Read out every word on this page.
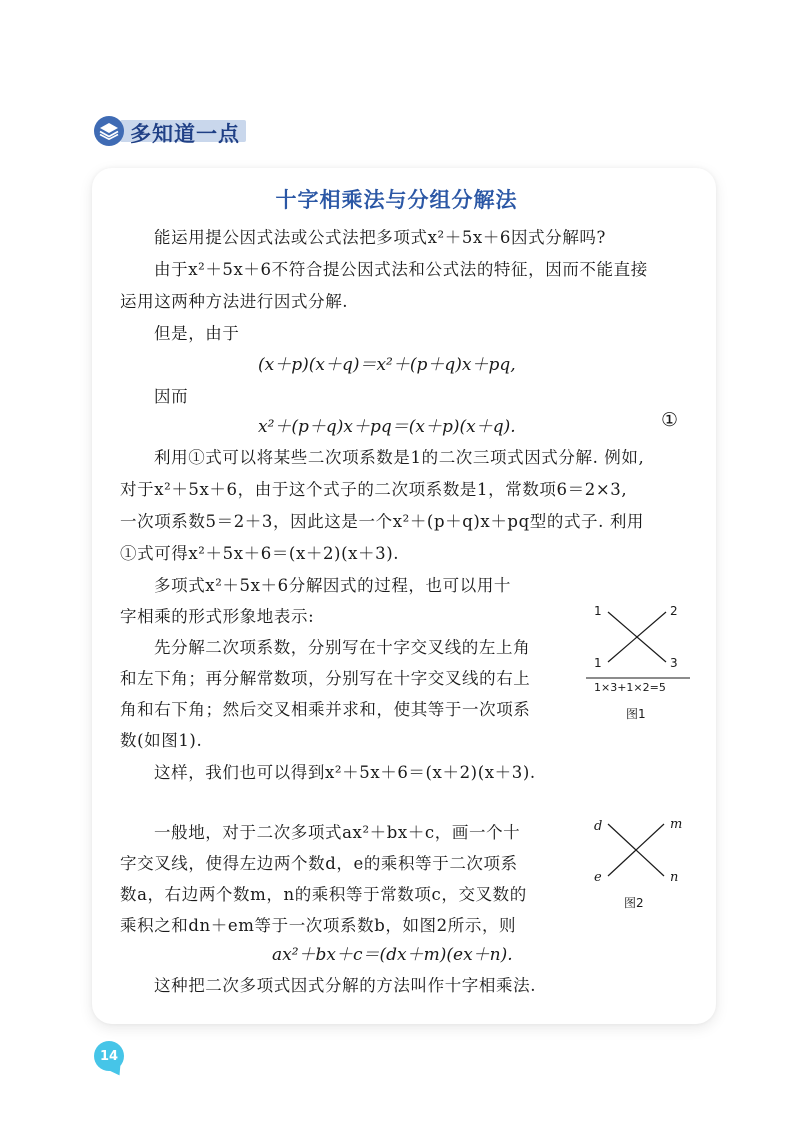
多知道一点
十字相乘法与分组分解法
能运用提公因式法或公式法把多项式x²＋5x＋6因式分解吗?
由于x²＋5x＋6不符合提公因式法和公式法的特征，因而不能直接
运用这两种方法进行因式分解.
但是，由于
(x＋p)(x＋q)＝x²＋(p＋q)x＋pq,
因而
x²＋(p＋q)x＋pq＝(x＋p)(x＋q).	①
利用①式可以将某些二次项系数是1的二次三项式因式分解. 例如,
对于x²＋5x＋6，由于这个式子的二次项系数是1，常数项6＝2×3,
一次项系数5＝2＋3，因此这是一个x²＋(p＋q)x＋pq型的式子. 利用
①式可得x²＋5x＋6＝(x＋2)(x＋3).
多项式x²＋5x＋6分解因式的过程，也可以用十
字相乘的形式形象地表示:
先分解二次项系数，分别写在十字交叉线的左上角
和左下角；再分解常数项，分别写在十字交叉线的右上
角和右下角；然后交叉相乘并求和，使其等于一次项系
数(如图1).
这样，我们也可以得到x²＋5x＋6＝(x＋2)(x＋3).
一般地，对于二次多项式ax²＋bx＋c，画一个十
字交叉线，使得左边两个数d，e的乘积等于二次项系
数a，右边两个数m，n的乘积等于常数项c，交叉数的
乘积之和dn＋em等于一次项系数b，如图2所示，则
ax²＋bx＋c＝(dx＋m)(ex＋n).
这种把二次多项式因式分解的方法叫作十字相乘法.
1	2
1	3
1×3+1×2=5
图1
d	m
e	n
图2
14
